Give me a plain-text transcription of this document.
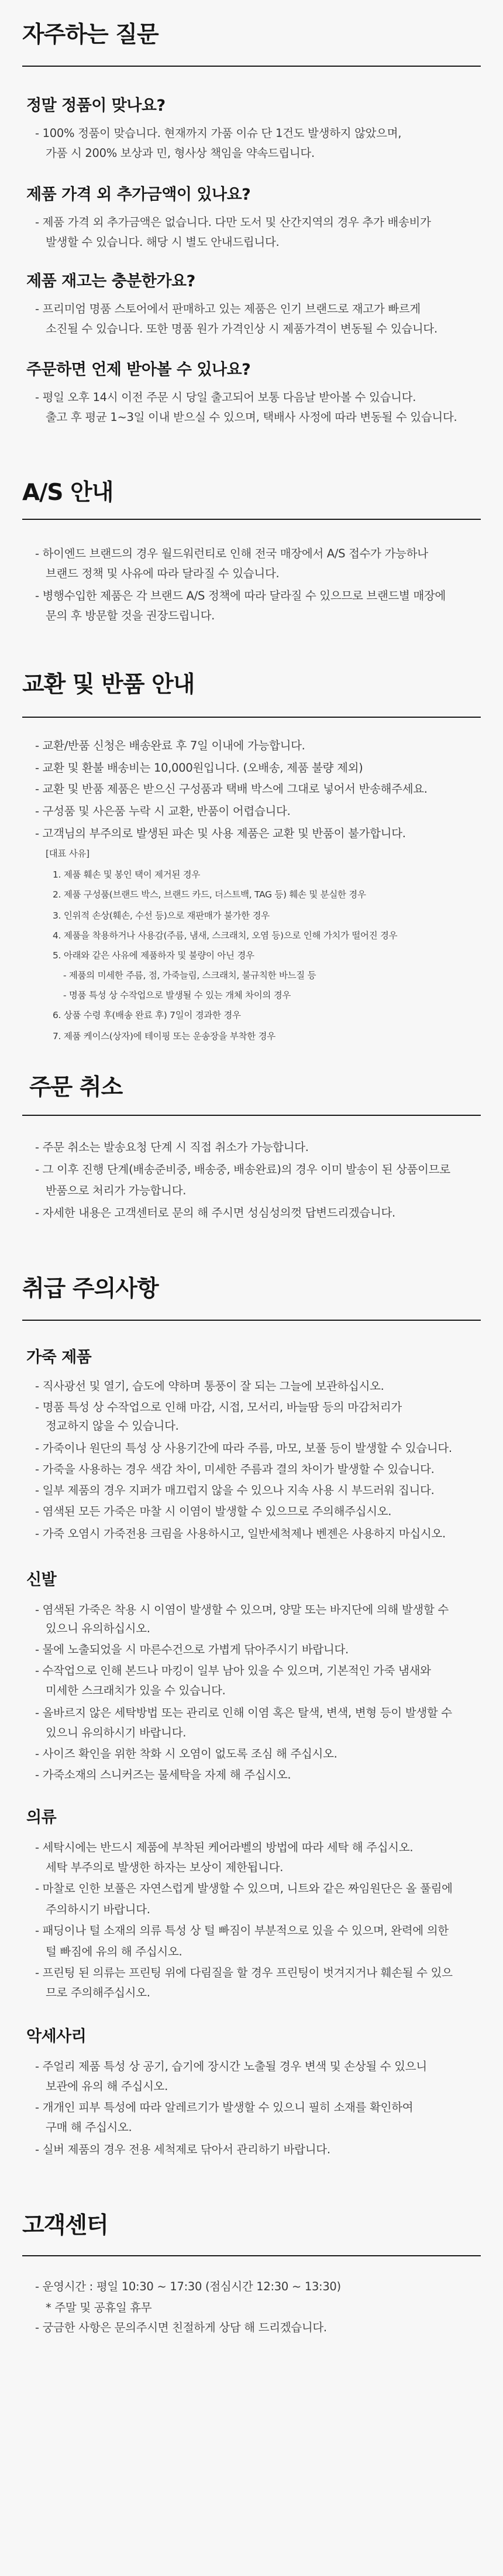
자주하는 질문
정말 정품이 맞나요?
- 100% 정품이 맞습니다. 현재까지 가품 이슈 단 1건도 발생하지 않았으며,
가품 시 200% 보상과 민, 형사상 책임을 약속드립니다.
제품 가격 외 추가금액이 있나요?
- 제품 가격 외 추가금액은 없습니다. 다만 도서 및 산간지역의 경우 추가 배송비가
발생할 수 있습니다. 해당 시 별도 안내드립니다.
제품 재고는 충분한가요?
- 프리미엄 명품 스토어에서 판매하고 있는 제품은 인기 브랜드로 재고가 빠르게
소진될 수 있습니다. 또한 명품 원가 가격인상 시 제품가격이 변동될 수 있습니다.
주문하면 언제 받아볼 수 있나요?
- 평일 오후 14시 이전 주문 시 당일 출고되어 보통 다음날 받아볼 수 있습니다.
출고 후 평균 1~3일 이내 받으실 수 있으며, 택배사 사정에 따라 변동될 수 있습니다.
A/S 안내
- 하이엔드 브랜드의 경우 월드워런티로 인해 전국 매장에서 A/S 접수가 가능하나
브랜드 정책 및 사유에 따라 달라질 수 있습니다.
- 병행수입한 제품은 각 브랜드 A/S 정책에 따라 달라질 수 있으므로 브랜드별 매장에
문의 후 방문할 것을 권장드립니다.
교환 및 반품 안내
- 교환/반품 신청은 배송완료 후 7일 이내에 가능합니다.
- 교환 및 환불 배송비는 10,000원입니다. (오배송, 제품 불량 제외)
- 교환 및 반품 제품은 받으신 구성품과 택배 박스에 그대로 넣어서 반송해주세요.
- 구성품 및 사은품 누락 시 교환, 반품이 어렵습니다.
- 고객님의 부주의로 발생된 파손 및 사용 제품은 교환 및 반품이 불가합니다.
[대표 사유]
1. 제품 훼손 및 봉인 택이 제거된 경우
2. 제품 구성품(브랜드 박스, 브랜드 카드, 더스트백, TAG 등) 훼손 및 분실한 경우
3. 인위적 손상(훼손, 수선 등)으로 재판매가 불가한 경우
4. 제품을 착용하거나 사용감(주름, 냄새, 스크래치, 오염 등)으로 인해 가치가 떨어진 경우
5. 아래와 같은 사유에 제품하자 및 불량이 아닌 경우
- 제품의 미세한 주름, 점, 가죽늘림, 스크래치, 불규칙한 바느질 등
- 명품 특성 상 수작업으로 발생될 수 있는 개체 차이의 경우
6. 상품 수령 후(배송 완료 후) 7일이 경과한 경우
7. 제품 케이스(상자)에 테이핑 또는 운송장을 부착한 경우
주문 취소
- 주문 취소는 발송요청 단계 시 직접 취소가 가능합니다.
- 그 이후 진행 단계(배송준비중, 배송중, 배송완료)의 경우 이미 발송이 된 상품이므로
반품으로 처리가 가능합니다.
- 자세한 내용은 고객센터로 문의 해 주시면 성심성의껏 답변드리겠습니다.
취급 주의사항
가죽 제품
- 직사광선 및 열기, 습도에 약하며 통풍이 잘 되는 그늘에 보관하십시오.
- 명품 특성 상 수작업으로 인해 마감, 시접, 모서리, 바늘땀 등의 마감처리가
정교하지 않을 수 있습니다.
- 가죽이나 원단의 특성 상 사용기간에 따라 주름, 마모, 보풀 등이 발생할 수 있습니다.
- 가죽을 사용하는 경우 색감 차이, 미세한 주름과 결의 차이가 발생할 수 있습니다.
- 일부 제품의 경우 지퍼가 매끄럽지 않을 수 있으나 지속 사용 시 부드러워 집니다.
- 염색된 모든 가죽은 마찰 시 이염이 발생할 수 있으므로 주의해주십시오.
- 가죽 오염시 가죽전용 크림을 사용하시고, 일반세척제나 벤젠은 사용하지 마십시오.
신발
- 염색된 가죽은 착용 시 이염이 발생할 수 있으며, 양말 또는 바지단에 의해 발생할 수
있으니 유의하십시오.
- 물에 노출되었을 시 마른수건으로 가볍게 닦아주시기 바랍니다.
- 수작업으로 인해 본드나 마킹이 일부 남아 있을 수 있으며, 기본적인 가죽 냄새와
미세한 스크래치가 있을 수 있습니다.
- 올바르지 않은 세탁방법 또는 관리로 인해 이염 혹은 탈색, 변색, 변형 등이 발생할 수
있으니 유의하시기 바랍니다.
- 사이즈 확인을 위한 착화 시 오염이 없도록 조심 해 주십시오.
- 가죽소재의 스니커즈는 물세탁을 자제 해 주십시오.
의류
- 세탁시에는 반드시 제품에 부착된 케어라벨의 방법에 따라 세탁 해 주십시오.
세탁 부주의로 발생한 하자는 보상이 제한됩니다.
- 마찰로 인한 보풀은 자연스럽게 발생할 수 있으며, 니트와 같은 짜임원단은 올 풀림에
주의하시기 바랍니다.
- 패딩이나 털 소재의 의류 특성 상 털 빠짐이 부분적으로 있을 수 있으며, 완력에 의한
털 빠짐에 유의 해 주십시오.
- 프린팅 된 의류는 프린팅 위에 다림질을 할 경우 프린팅이 벗겨지거나 훼손될 수 있으
므로 주의해주십시오.
악세사리
- 주얼리 제품 특성 상 공기, 습기에 장시간 노출될 경우 변색 및 손상될 수 있으니
보관에 유의 해 주십시오.
- 개개인 피부 특성에 따라 알레르기가 발생할 수 있으니 필히 소재를 확인하여
구매 해 주십시오.
- 실버 제품의 경우 전용 세척제로 닦아서 관리하기 바랍니다.
고객센터
- 운영시간 : 평일 10:30 ~ 17:30 (점심시간 12:30 ~ 13:30)
* 주말 및 공휴일 휴무
- 궁금한 사항은 문의주시면 친절하게 상담 해 드리겠습니다.
